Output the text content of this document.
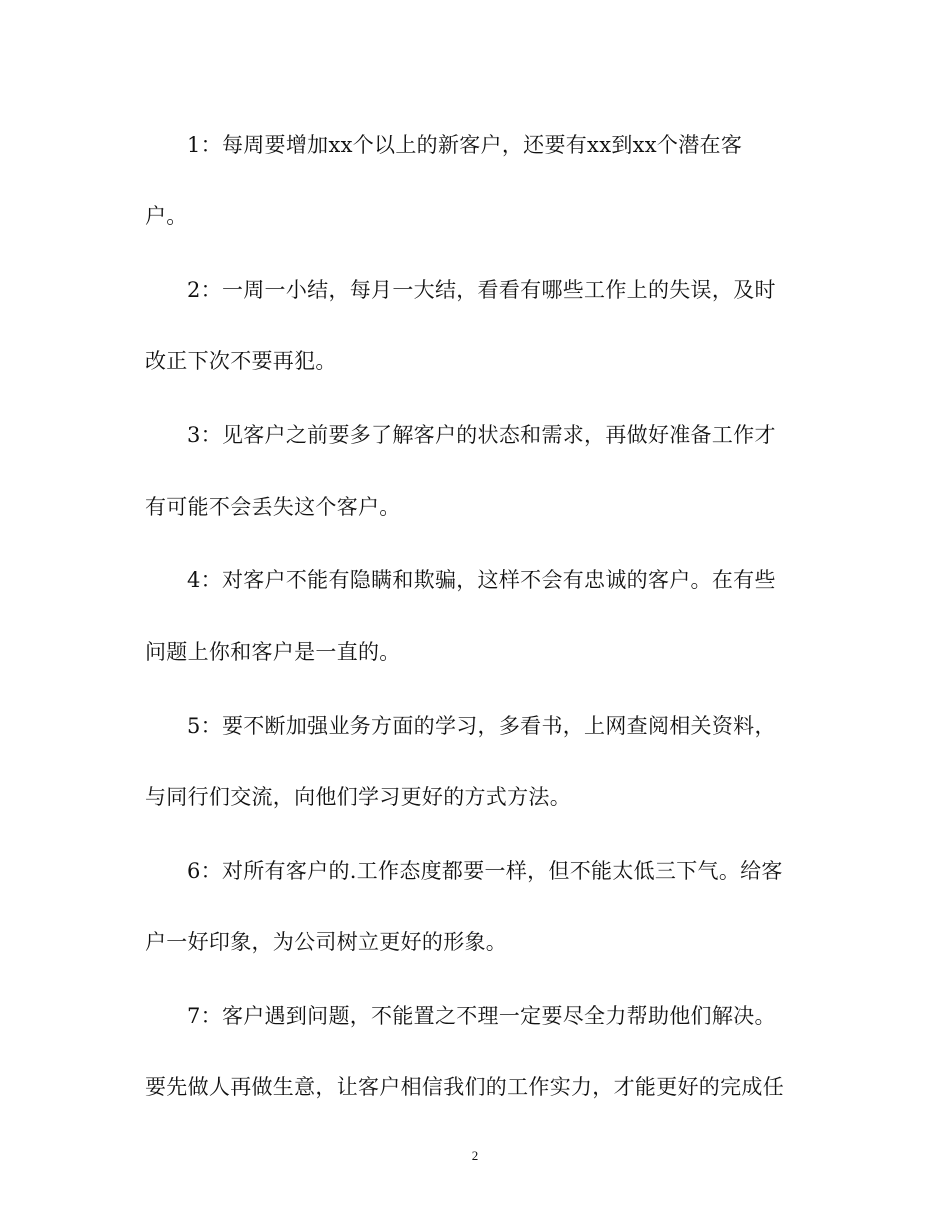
1：每周要增加xx个以上的新客户，还要有xx到xx个潜在客
户。
2：一周一小结，每月一大结，看看有哪些工作上的失误，及时
改正下次不要再犯。
3：见客户之前要多了解客户的状态和需求，再做好准备工作才
有可能不会丢失这个客户。
4：对客户不能有隐瞒和欺骗，这样不会有忠诚的客户。在有些
问题上你和客户是一直的。
5：要不断加强业务方面的学习，多看书，上网查阅相关资料，
与同行们交流，向他们学习更好的方式方法。
6：对所有客户的.工作态度都要一样，但不能太低三下气。给客
户一好印象，为公司树立更好的形象。
7：客户遇到问题，不能置之不理一定要尽全力帮助他们解决。
要先做人再做生意，让客户相信我们的工作实力，才能更好的完成任
2
